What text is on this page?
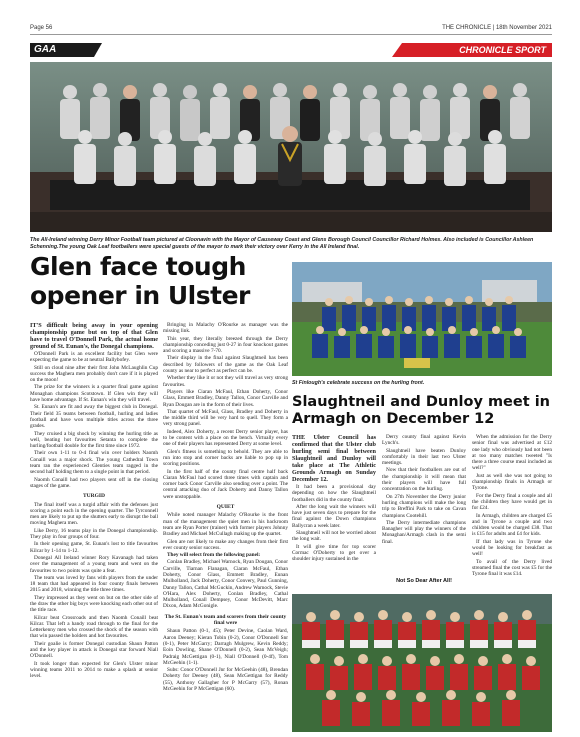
Page 56	THE CHRONICLE | 18th November 2021
GAA	CHRONICLE SPORT
The All-Ireland winning Derry Minor Football team pictured at Cloonavin with the Mayor of Causeway Coast and Glens Borough Council Councillor Richard Holmes. Also included is Councillor Ashleen Schenning.The young Oak Leaf footballers were special guests of the mayor to mark their victory over Kerry in the All Ireland final.
Glen face tough opener in Ulster

IT'S difficult being away in your opening championship game but on top of that Glen have to travel O'Donnell Park, the actual home ground of St. Eunan's, the Donegal champions.

O'Donnell Park is an excellent facility but Glen were expecting the game to be at neutral Ballybofey.

Still on cloud nine after their first John McLaughlin Cup success the Maghera men probably don't care if it is played on the moon!

The prize for the winners is a quarter final game against Monaghan champions Scotstown. If Glen win they will have home advantage. If St. Eunan's win they will travel.

St. Eunan's are fit and away the biggest club in Donegal. Their field 35 teams between football, hurling and ladies football and have won multiple titles across the three grades.

They cruised a big shock by winning the hurling title as well, beating hot favourites Setanta to complete the hurling/football double for the first time since 1972.

Their own 1-11 to 0-4 final win over holders Naomh Conaill was a major shock. The young Cathedral Town team ran the experienced Glenties team ragged in the second half holding them to a single point in that period.

Naomh Conaill had two players sent off in the closing stages of the game.

TURGID

The final itself was a turgid affair with the defenses just scoring a point each in the opening quarter. The Tyrconnell men are likely to put up the shutters early to disrupt the ball moving Maghera men.

Like Derry, 16 teams play in the Donegal championship. They play in four groups of four.

In their opening game, St. Eunan's lost to title favourites Kilcar by 1-14 to 1-12.

Donegal All Ireland winner Rory Kavanagh had taken over the management of a young team and went on the favourites to two points was quite a feat.

The team was loved by fans with players from the under 18 team that had appeared in four county finals between 2015 and 2018, winning the title three times.

They impressed as they went on but on the other side of the draw the other big boys were knocking each other out of the title race.

Kilcar beat Crossroads and then Naomh Conaill beat Kilcar. That left a handy road through to the final for the Letterkenny men who crossed the shock of the season with that win passed the holders and hot favourites.

Their goalie is former Donegal custodian Shaun Patton and the key player in attack is Donegal star forward Niall O'Donnell.

It took longer than expected for Glen's Ulster minor winning teams 2011 to 2014 to make a splash at senior level.

Bringing in Malachy O'Rourke as manager was the missing link.

This year, they literally breezed through the Derry championship conceding just 0-27 in four knockout games and scoring a massive 7-70.

Their display in the final against Slaughtneil has been described by followers of the game as the Oak Leaf county as near to perfect as perfect can be.

Whether they like it or not they will travel as very strong favourites.

Players like Ciaran McFaul, Ethan Doherty, Conor Glass, Emmett Bradley, Danny Tallon, Conor Carville and Ryan Dougan are in the form of their lives.

That quartet of McFaul, Glass, Bradley and Doherty in the middle third will be very hard to quell. They form a very strong panel.

Indeed, Alex Doherty, a recent Derry senior player, has to be content with a place on the bench. Virtually every one of their players has represented Derry at some level.

Glen's fitness is something to behold. They are able to run into stop and corner backs are liable to pop up in scoring positions.

In the first half of the county final centre half back Ciaran McFaul had scored three times with captain and corner back Conor Carville also sending over a point. The central attacking duo of Jack Doherty and Danny Tallon were unstoppable.

QUIET

While noted manager Malachy O'Rourke is the front man of the management the quiet men in his backroom team are Ryan Porter (trainer) with former players Johnny Bradley and Michael McCullagh making up the quartet.

Glen are not likely to make any changes from their first ever county senior success.

They will select from the following panel:

Conlan Bradley, Michael Warnock, Ryan Dougan, Conor Carville, Tiarnan Flanagan, Ciaran McFaul, Ethan Doherty, Conor Glass, Emmett Bradley, Eunan Mulholland, Jack Doherty, Conor Convery, Paul Gunning, Danny Tallon, Cathal McGuckin, Andrew Warnock, Stevie O'Hara, Alex Doherty, Conlan Bradley, Cathal Mulholland, Conall Dempsey, Conor McDevitt, Marc Dixon, Adam McGonigle.

The St. Eunan's team and scorers from their county final were

Shaun Patton (0-1, 45); Peter Devine, Caolan Ward, Aaron Deeney; Kieran Tobin (0-2), Conor O'Donnell Snr (0-1), Peter McGarry; Darragh Mulgrew, Kevin Reddy; Eoin Dowling, Shane O'Donnell (0-2), Sean McVeigh; Padraig McGettigan (0-1), Niall O'Donnell (0-4f), Tom McGeehin (1-1).

Subs: Conor O'Donnell Jnr for McGeehin (48), Brendan Doherty for Deeney (48), Sean McGettigan for Reddy (55), Anthony Gallagher for P McGarry (57), Ronan McGeehin for P McGettigan (60).

St Finlough's celebrate success on the hurling front.
Slaughtneil and Dunloy meet in Armagh on December 12

THE Ulster Council has confirmed that the Ulster club hurling semi final between Slaughtneil and Dunloy will take place at The Athletic Grounds Armagh on Sunday December 12.

It had been a provisional day depending on how the Slaughtneil footballers did in the county final.

After the long wait the winners will have just seven days to prepare for the final against the Down champions Ballycran a week later.

Slaughtneil will not be worried about the long wait.

It will give time for top scorer Cormac O'Doherty to get over a shoulder injury sustained in the

Derry county final against Kevin Lynch's.

Slaughtneil have beaten Dunloy comfortably in their last two Ulster meetings.

Now that their footballers are out of the championship it will mean that their players will have full concentration on the hurling.

On 27th November the Derry junior hurling champions will make the long trip to Breffini Park to take on Cavan champions Cootehill.

The Derry intermediate champions Banagher will play the winners of the Monaghan/Armagh clash in the semi final.

When the admission for the Derry senior final was advertised at £12 one lady who obviously had not been at too many matches tweeted "Is there a three course meal included as well?"

Just as well she was not going to championship finals in Armagh or Tyrone.

For the Derry final a couple and all the children they have would get in for £24.

In Armagh, children are charged £5 and in Tyrone a couple and two children would be charged £38. That is £15 for adults and £4 for kids.

If that lady was in Tyrone she would be looking for breakfast as well!

To avail of the Derry lived streamed final the cost was £5 for the Tyrone final it was £14.

Not So Dear After All!
